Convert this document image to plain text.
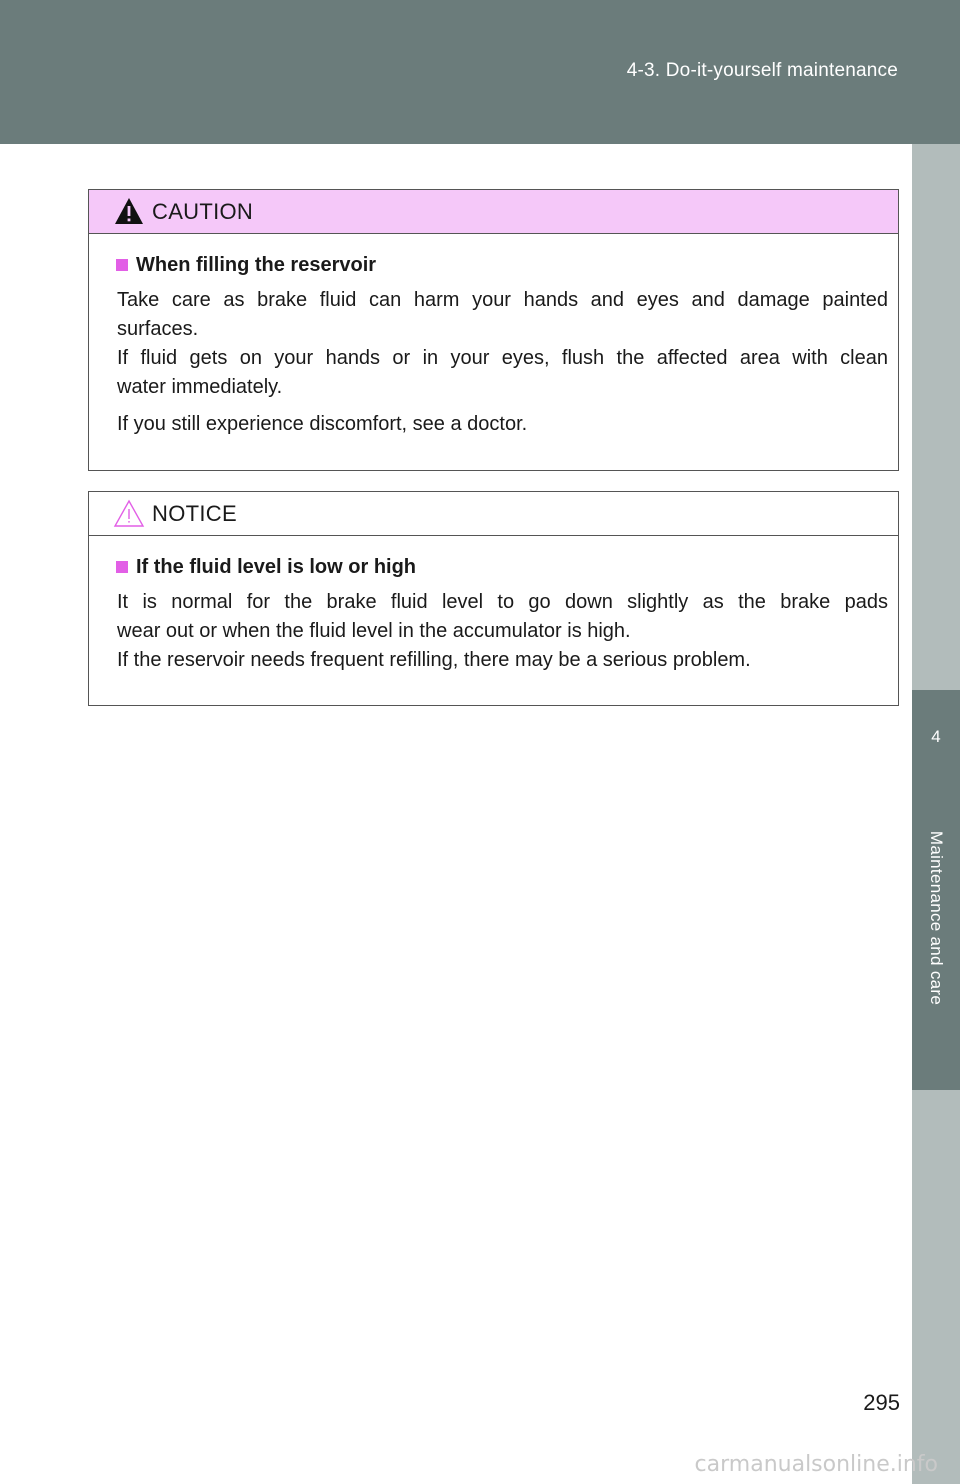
4-3. Do-it-yourself maintenance
4
Maintenance and care
CAUTION
When filling the reservoir
Take care as brake fluid can harm your hands and eyes and damage painted
surfaces.
If fluid gets on your hands or in your eyes, flush the affected area with clean
water immediately.
If you still experience discomfort, see a doctor.
NOTICE
If the fluid level is low or high
It is normal for the brake fluid level to go down slightly as the brake pads
wear out or when the fluid level in the accumulator is high.
If the reservoir needs frequent refilling, there may be a serious problem.
295
carmanualsonline.info
